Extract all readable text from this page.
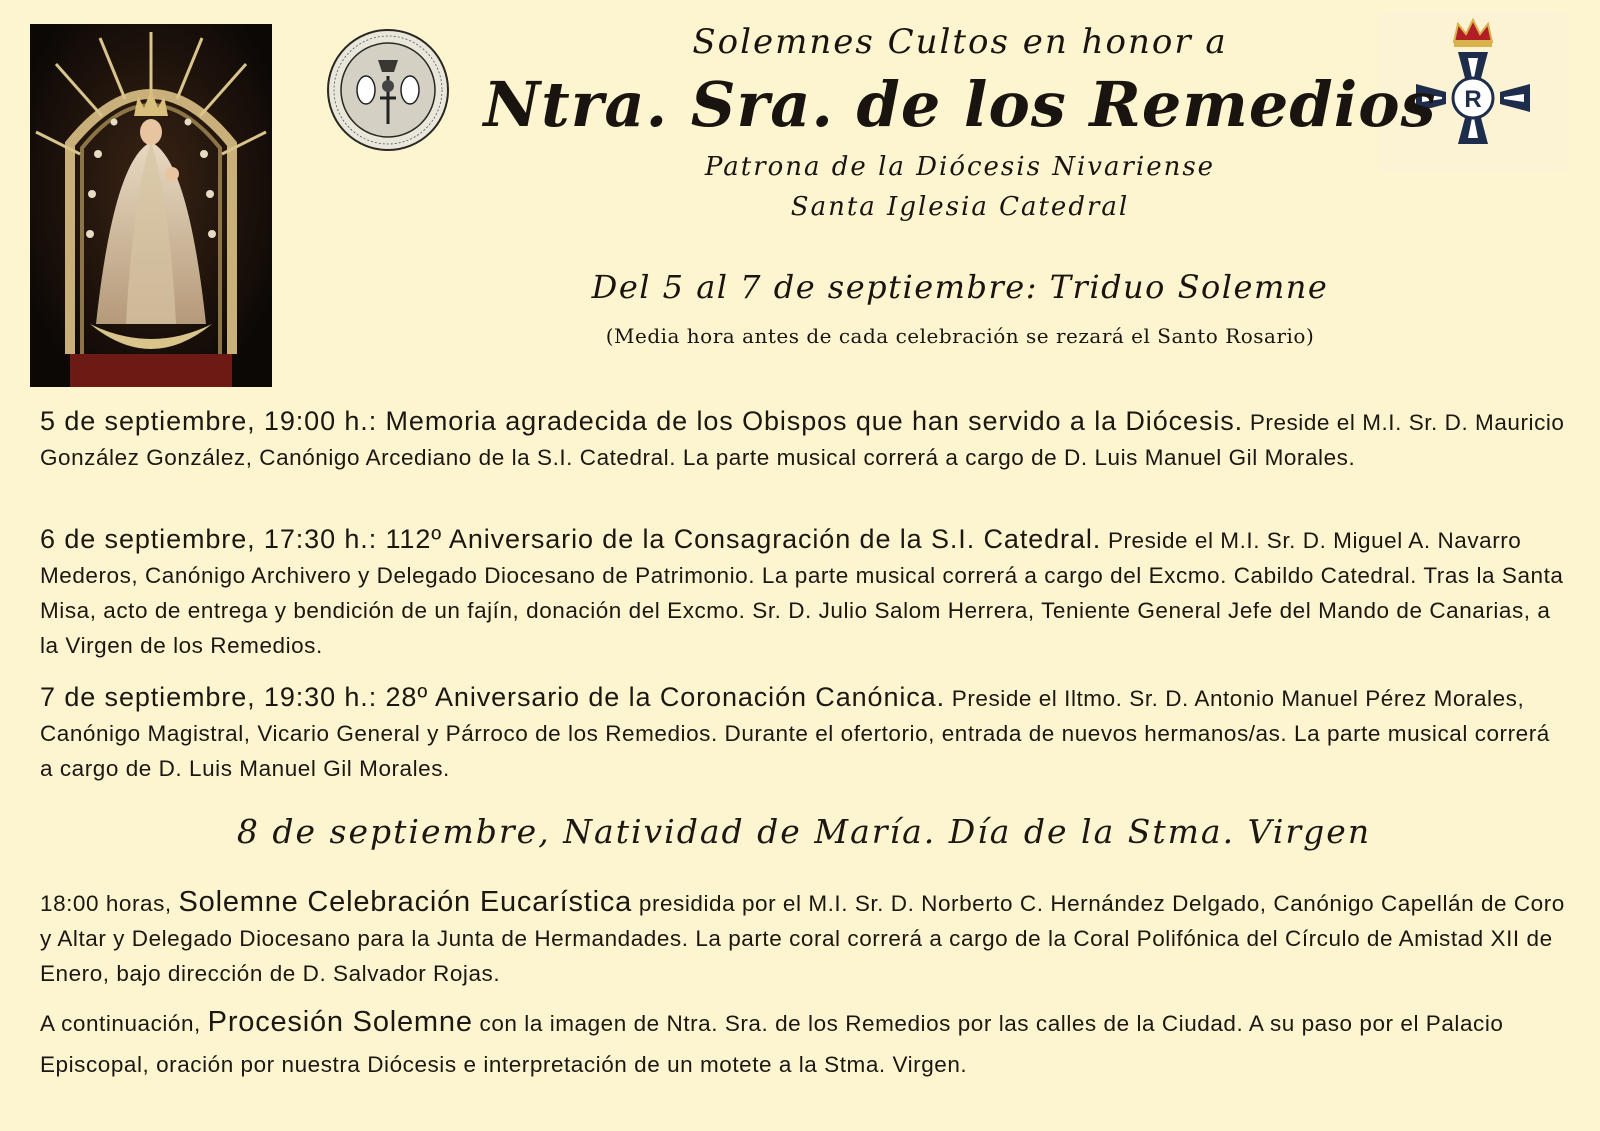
R
Solemnes Cultos en honor a
Ntra. Sra. de los Remedios
Patrona de la Diócesis Nivariense
Santa Iglesia Catedral
Del 5 al 7 de septiembre: Triduo Solemne
(Media hora antes de cada celebración se rezará el Santo Rosario)

5 de septiembre, 19:00 h.: Memoria agradecida de los Obispos que han servido a la Diócesis. Preside el M.I. Sr. D. Mauricio González González, Canónigo Arcediano de la S.I. Catedral. La parte musical correrá a cargo de D. Luis Manuel Gil Morales.

6 de septiembre, 17:30 h.: 112º Aniversario de la Consagración de la S.I. Catedral. Preside el M.I. Sr. D. Miguel A. Navarro Mederos, Canónigo Archivero y Delegado Diocesano de Patrimonio. La parte musical correrá a cargo del Excmo. Cabildo Catedral. Tras la Santa Misa, acto de entrega y bendición de un fajín, donación del Excmo. Sr. D. Julio Salom Herrera, Teniente General Jefe del Mando de Canarias, a la Virgen de los Remedios.

7 de septiembre, 19:30 h.: 28º Aniversario de la Coronación Canónica. Preside el Iltmo. Sr. D. Antonio Manuel Pérez Morales, Canónigo Magistral, Vicario General y Párroco de los Remedios. Durante el ofertorio, entrada de nuevos hermanos/as. La parte musical correrá a cargo de D. Luis Manuel Gil Morales.

8 de septiembre, Natividad de María. Día de la Stma. Virgen

18:00 horas, Solemne Celebración Eucarística presidida por el M.I. Sr. D. Norberto C. Hernández Delgado, Canónigo Capellán de Coro y Altar y Delegado Diocesano para la Junta de Hermandades. La parte coral correrá a cargo de la Coral Polifónica del Círculo de Amistad XII de Enero, bajo dirección de D. Salvador Rojas.

A continuación, Procesión Solemne con la imagen de Ntra. Sra. de los Remedios por las calles de la Ciudad. A su paso por el Palacio Episcopal, oración por nuestra Diócesis e interpretación de un motete a la Stma. Virgen.
